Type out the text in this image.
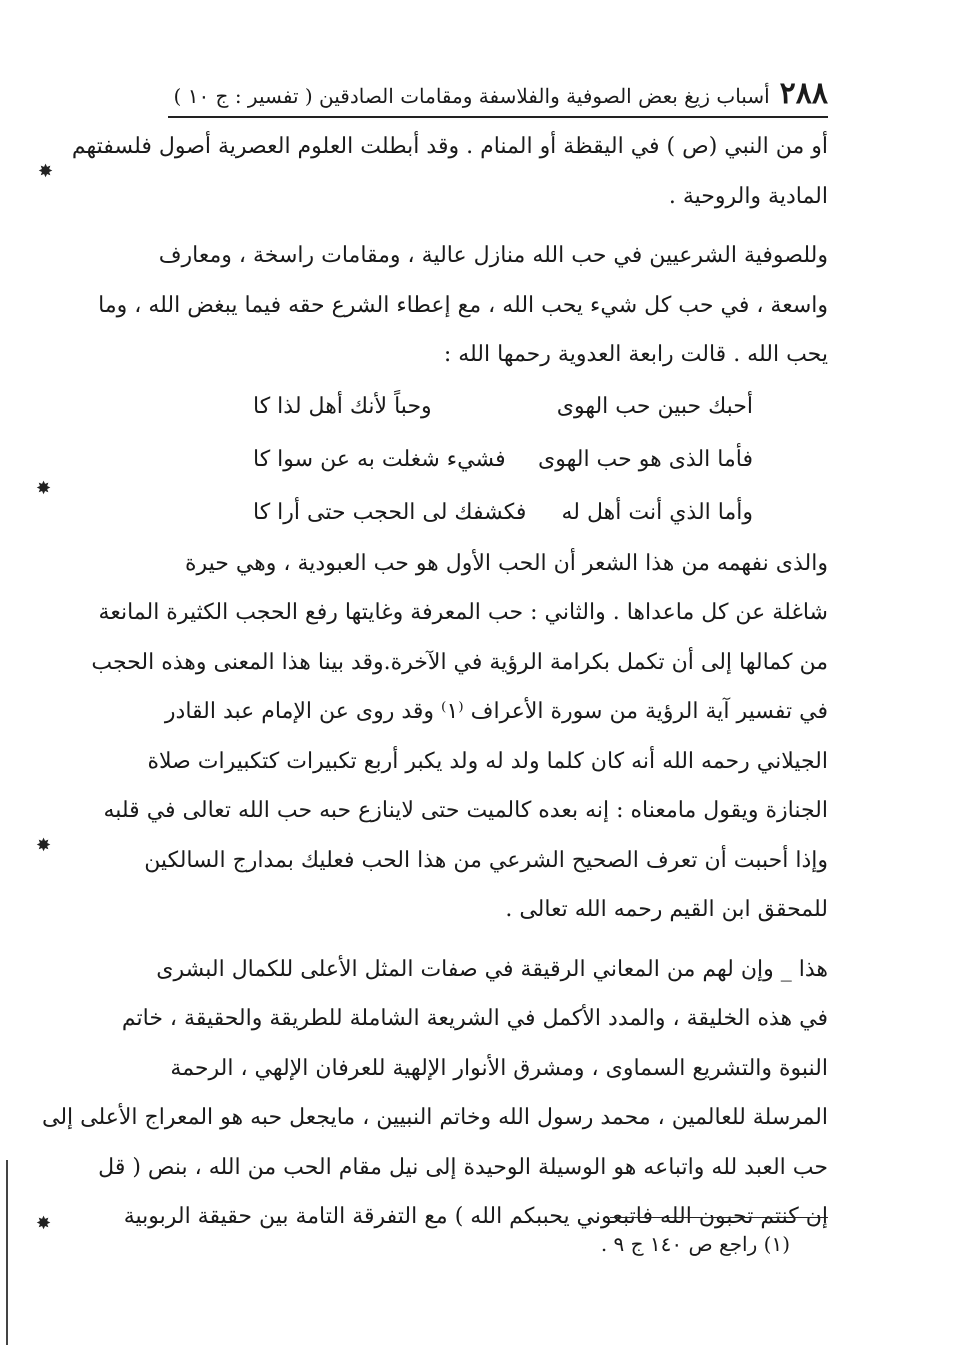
٢٨٨
أسباب زيغ بعض الصوفية والفلاسفة ومقامات الصادقين ( تفسير : ج ١٠ )
أو من النبي (ص ) في اليقظة أو المنام . وقد أبطلت العلوم العصرية أصول فلسفتهم
المادية والروحية .
وللصوفية الشرعيين في حب الله منازل عالية ، ومقامات راسخة ، ومعارف
واسعة ، في حب كل شيء يحب الله ، مع إعطاء الشرع حقه فيما يبغض الله ، وما
يحب الله . قالت رابعة العدوية رحمها الله :
أحبك حبين حب الهوى
وحباً لأنك أهل لذا كا
فأما الذى هو حب الهوى
فشيء شغلت به عن سوا كا
وأما الذي أنت أهل له
فكشفك لى الحجب حتى أرا كا
والذى نفهمه من هذا الشعر أن الحب الأول هو حب العبودية ، وهي حيرة
شاغلة عن كل ماعداها . والثاني : حب المعرفة وغايتها رفع الحجب الكثيرة المانعة
من كمالها إلى أن تكمل بكرامة الرؤية في الآخرة.وقد بينا هذا المعنى وهذه الحجب
في تفسير آية الرؤية من سورة الأعراف ⁽١⁾ وقد روى عن الإمام عبد القادر
الجيلاني رحمه الله أنه كان كلما ولد له ولد يكبر أربع تكبيرات كتكبيرات صلاة
الجنازة ويقول مامعناه : إنه بعده كالميت حتى لاينازع حبه حب الله تعالى في قلبه
وإذا أحببت أن تعرف الصحيح الشرعي من هذا الحب فعليك بمدارج السالكين
للمحقق ابن القيم رحمه الله تعالى .
هذا _ وإن لهم من المعاني الرقيقة في صفات المثل الأعلى للكمال البشرى
في هذه الخليقة ، والمدد الأكمل في الشريعة الشاملة للطريقة والحقيقة ، خاتم
النبوة والتشريع السماوى ، ومشرق الأنوار الإلهية للعرفان الإلهي ، الرحمة
المرسلة للعالمين ، محمد رسول الله وخاتم النبيين ، مايجعل حبه هو المعراج الأعلى إلى
حب العبد لله واتباعه هو الوسيلة الوحيدة إلى نيل مقام الحب من الله ، بنص ( قل
إن كنتم تحبون الله فاتبعوني يحببكم الله ) مع التفرقة التامة بين حقيقة الربوبية
(١) راجع ص ١٤٠ ج ٩ .
✸
✸
✸
✸
